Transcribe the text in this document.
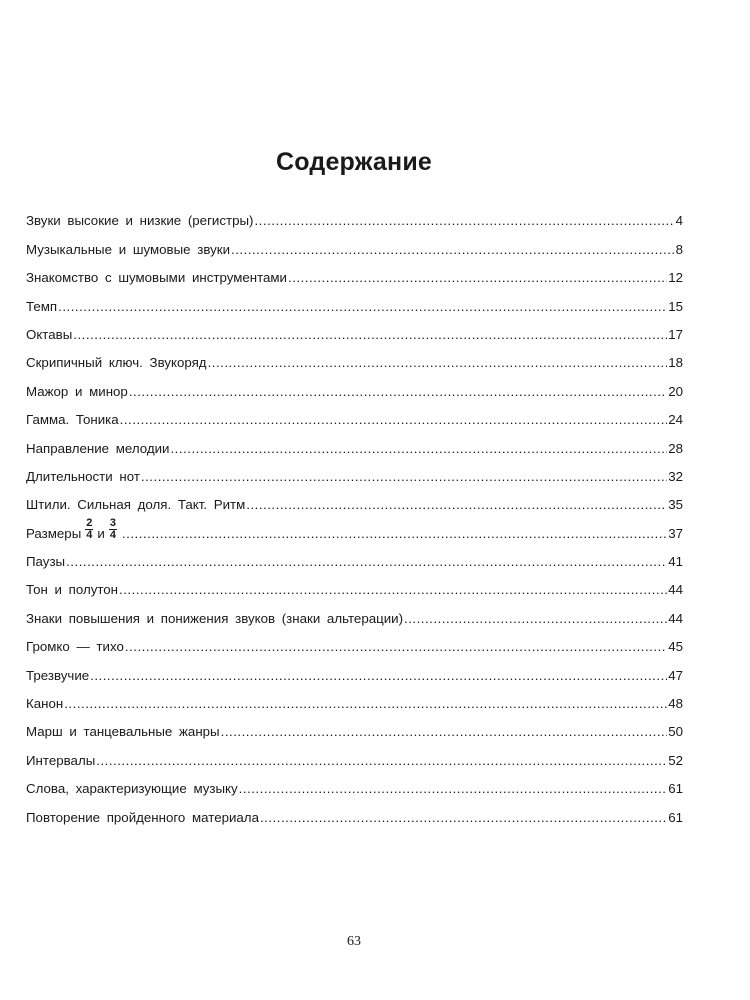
Содержание
Звуки высокие и низкие (регистры) .....	4
Музыкальные и шумовые звуки .....	8
Знакомство с шумовыми инструментами .....	12
Темп .....	15
Октавы .....	17
Скрипичный ключ. Звукоряд .....	18
Мажор и минор .....	20
Гамма. Тоника .....	24
Направление мелодии .....	28
Длительности нот .....	32
Штили. Сильная доля. Такт. Ритм .....	35
Размеры $\frac{2}{4}$ и $\frac{3}{4}$ .....	37
Паузы .....	41
Тон и полутон .....	44
Знаки повышения и понижения звуков (знаки альтерации) .....	44
Громко — тихо .....	45
Трезвучие .....	47
Канон .....	48
Марш и танцевальные жанры .....	50
Интервалы .....	52
Слова, характеризующие музыку .....	61
Повторение пройденного материала .....	61
63
